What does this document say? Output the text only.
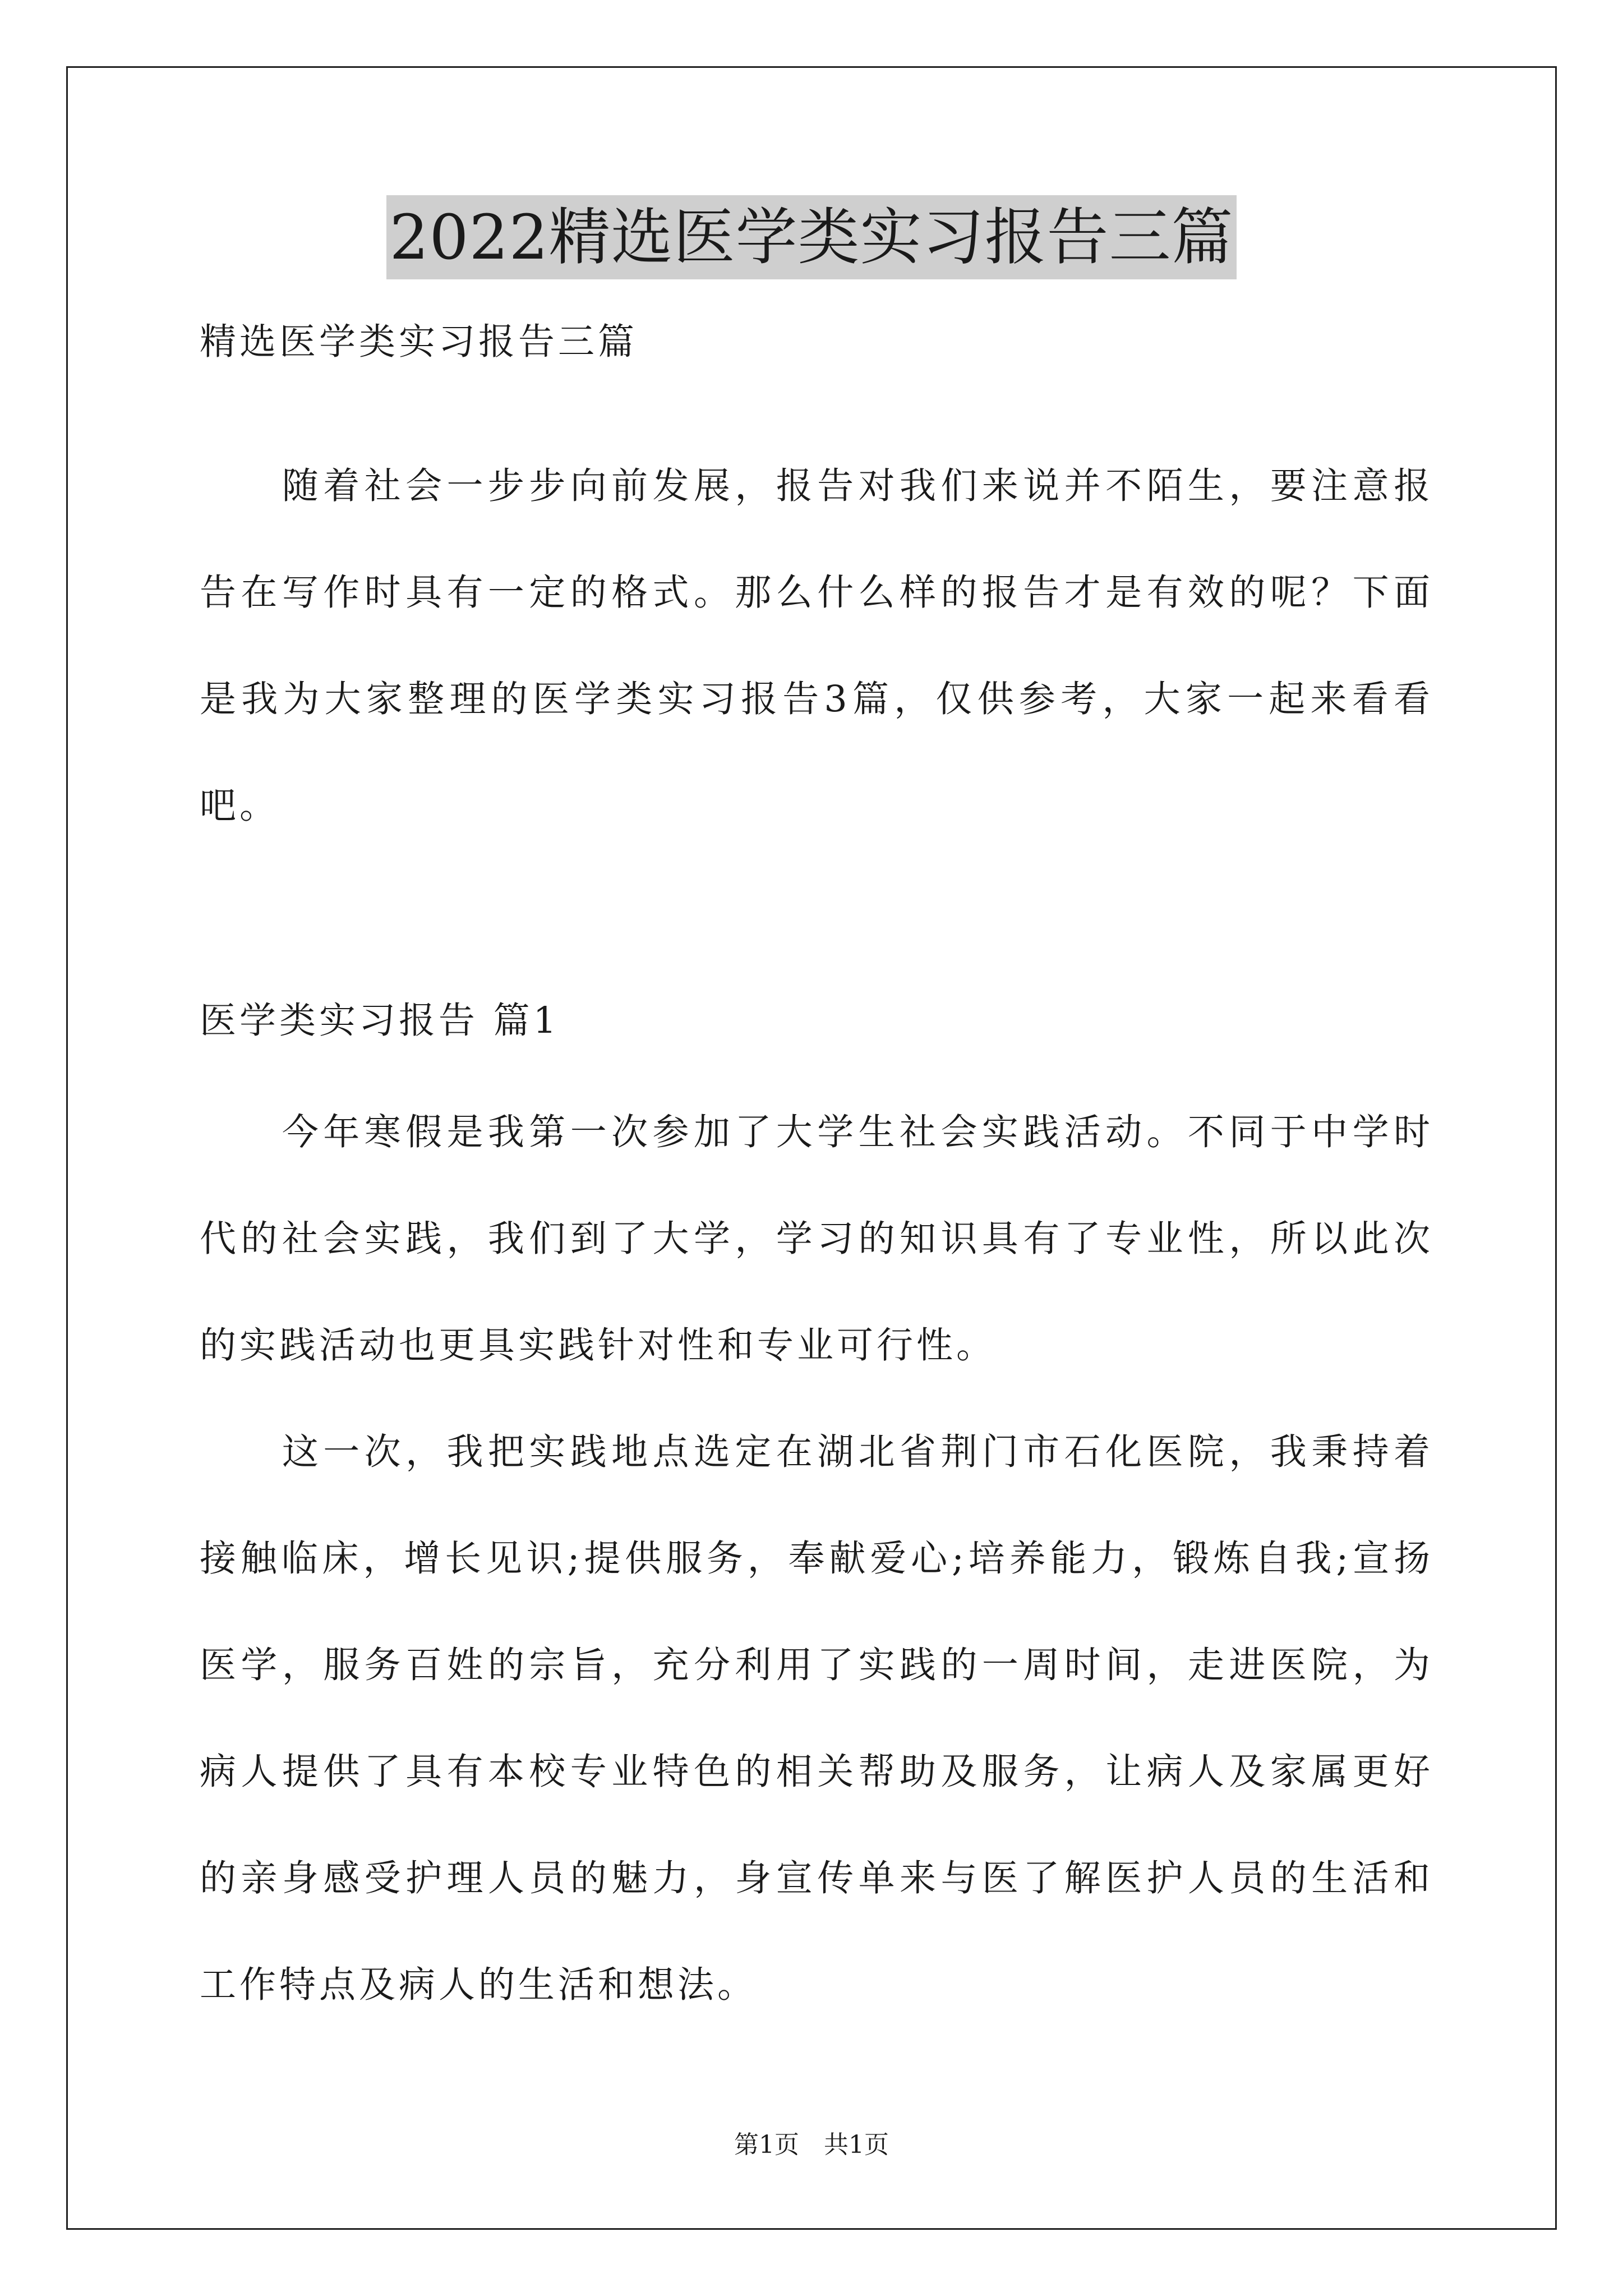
2022精选医学类实习报告三篇
精选医学类实习报告三篇
　　随着社会一步步向前发展，报告对我们来说并不陌生，要注意报
告在写作时具有一定的格式。那么什么样的报告才是有效的呢？下面
是我为大家整理的医学类实习报告3篇，仅供参考，大家一起来看看
吧。
医学类实习报告 篇1
　　今年寒假是我第一次参加了大学生社会实践活动。不同于中学时
代的社会实践，我们到了大学，学习的知识具有了专业性，所以此次
的实践活动也更具实践针对性和专业可行性。
　　这一次，我把实践地点选定在湖北省荆门市石化医院，我秉持着
接触临床，增长见识;提供服务，奉献爱心;培养能力，锻炼自我;宣扬
医学，服务百姓的宗旨，充分利用了实践的一周时间，走进医院，为
病人提供了具有本校专业特色的相关帮助及服务，让病人及家属更好
的亲身感受护理人员的魅力，身宣传单来与医了解医护人员的生活和
工作特点及病人的生活和想法。
第1页　共1页
